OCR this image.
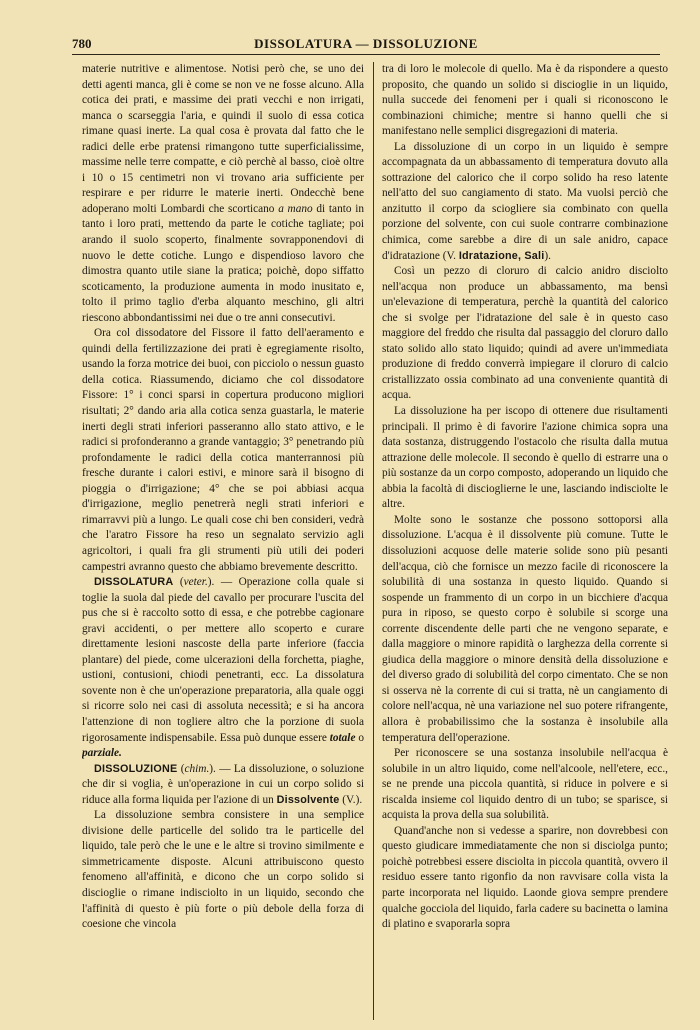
780	DISSOLATURA — DISSOLUZIONE

materie nutritive e alimentose. Notisi però che, se uno dei detti agenti manca, gli è come se non ve ne fosse alcuno. Alla cotica dei prati, e massime dei prati vecchi e non irrigati, manca o scarseggia l'aria, e quindi il suolo di essa cotica rimane quasi inerte. La qual cosa è provata dal fatto che le radici delle erbe pratensi rimangono tutte superficialissime, massime nelle terre compatte, e ciò perchè al basso, cioè oltre i 10 o 15 centimetri non vi trovano aria sufficiente per respirare e per ridurre le materie inerti. Ondecchè bene adoperano molti Lombardi che scorticano a mano di tanto in tanto i loro prati, mettendo da parte le cotiche tagliate; poi arando il suolo scoperto, finalmente sovrapponendovi di nuovo le dette cotiche. Lungo e dispendioso lavoro che dimostra quanto utile siane la pratica; poichè, dopo siffatto scoticamento, la produzione aumenta in modo inusitato e, tolto il primo taglio d'erba alquanto meschino, gli altri riescono abbondantissimi nei due o tre anni consecutivi.

Ora col dissodatore del Fissore il fatto dell'aeramento e quindi della fertilizzazione dei prati è egregiamente risolto, usando la forza motrice dei buoi, con picciolo o nessun guasto della cotica. Riassumendo, diciamo che col dissodatore Fissore: 1° i conci sparsi in copertura producono migliori risultati; 2° dando aria alla cotica senza guastarla, le materie inerti degli strati inferiori passeranno allo stato attivo, e le radici si profonderanno a grande vantaggio; 3° penetrando più profondamente le radici della cotica manterrannosi più fresche durante i calori estivi, e minore sarà il bisogno di pioggia o d'irrigazione; 4° che se poi abbiasi acqua d'irrigazione, meglio penetrerà negli strati inferiori e rimarravvi più a lungo. Le quali cose chi ben consideri, vedrà che l'aratro Fissore ha reso un segnalato servizio agli agricoltori, i quali fra gli strumenti più utili dei poderi campestri avranno questo che abbiamo brevemente descritto.

DISSOLATURA (veter.). — Operazione colla quale si toglie la suola dal piede del cavallo per procurare l'uscita del pus che si è raccolto sotto di essa, e che potrebbe cagionare gravi accidenti, o per mettere allo scoperto e curare direttamente lesioni nascoste della parte inferiore (faccia plantare) del piede, come ulcerazioni della forchetta, piaghe, ustioni, contusioni, chiodi penetranti, ecc. La dissolatura sovente non è che un'operazione preparatoria, alla quale oggi si ricorre solo nei casi di assoluta necessità; e si ha ancora l'attenzione di non togliere altro che la porzione di suola rigorosamente indispensabile. Essa può dunque essere totale o parziale.

DISSOLUZIONE (chim.). — La dissoluzione, o soluzione che dir si voglia, è un'operazione in cui un corpo solido si riduce alla forma liquida per l'azione di un Dissolvente (V.).

La dissoluzione sembra consistere in una semplice divisione delle particelle del solido tra le particelle del liquido, tale però che le une e le altre si trovino similmente e simmetricamente disposte. Alcuni attribuiscono questo fenomeno all'affinità, e dicono che un corpo solido si discioglie o rimane indisciolto in un liquido, secondo che l'affinità di questo è più forte o più debole della forza di coesione che vincola

tra di loro le molecole di quello. Ma è da rispondere a questo proposito, che quando un solido si discioglie in un liquido, nulla succede dei fenomeni per i quali si riconoscono le combinazioni chimiche; mentre si hanno quelli che si manifestano nelle semplici disgregazioni di materia.

La dissoluzione di un corpo in un liquido è sempre accompagnata da un abbassamento di temperatura dovuto alla sottrazione del calorico che il corpo solido ha reso latente nell'atto del suo cangiamento di stato. Ma vuolsi perciò che anzitutto il corpo da sciogliere sia combinato con quella porzione del solvente, con cui suole contrarre combinazione chimica, come sarebbe a dire di un sale anidro, capace d'idratazione (V. Idratazione, Sali).

Così un pezzo di cloruro di calcio anidro disciolto nell'acqua non produce un abbassamento, ma bensì un'elevazione di temperatura, perchè la quantità del calorico che si svolge per l'idratazione del sale è in questo caso maggiore del freddo che risulta dal passaggio del cloruro dallo stato solido allo stato liquido; quindi ad avere un'immediata produzione di freddo converrà impiegare il cloruro di calcio cristallizzato ossia combinato ad una conveniente quantità di acqua.

La dissoluzione ha per iscopo di ottenere due risultamenti principali. Il primo è di favorire l'azione chimica sopra una data sostanza, distruggendo l'ostacolo che risulta dalla mutua attrazione delle molecole. Il secondo è quello di estrarre una o più sostanze da un corpo composto, adoperando un liquido che abbia la facoltà di discioglierne le une, lasciando indisciolte le altre.

Molte sono le sostanze che possono sottoporsi alla dissoluzione. L'acqua è il dissolvente più comune. Tutte le dissoluzioni acquose delle materie solide sono più pesanti dell'acqua, ciò che fornisce un mezzo facile di riconoscere la solubilità di una sostanza in questo liquido. Quando si sospende un frammento di un corpo in un bicchiere d'acqua pura in riposo, se questo corpo è solubile si scorge una corrente discendente delle parti che ne vengono separate, e dalla maggiore o minore rapidità o larghezza della corrente si giudica della maggiore o minore densità della dissoluzione e del diverso grado di solubilità del corpo cimentato. Che se non si osserva nè la corrente di cui si tratta, nè un cangiamento di colore nell'acqua, nè una variazione nel suo potere rifrangente, allora è probabilissimo che la sostanza è insolubile alla temperatura dell'operazione.

Per riconoscere se una sostanza insolubile nell'acqua è solubile in un altro liquido, come nell'alcoole, nell'etere, ecc., se ne prende una piccola quantità, si riduce in polvere e si riscalda insieme col liquido dentro di un tubo; se sparisce, si acquista la prova della sua solubilità.

Quand'anche non si vedesse a sparire, non dovrebbesi con questo giudicare immediatamente che non si disciolga punto; poichè potrebbesi essere disciolta in piccola quantità, ovvero il residuo essere tanto rigonfio da non ravvisare colla vista la parte incorporata nel liquido. Laonde giova sempre prendere qualche gocciola del liquido, farla cadere su bacinetta o lamina di platino e svaporarla sopra
